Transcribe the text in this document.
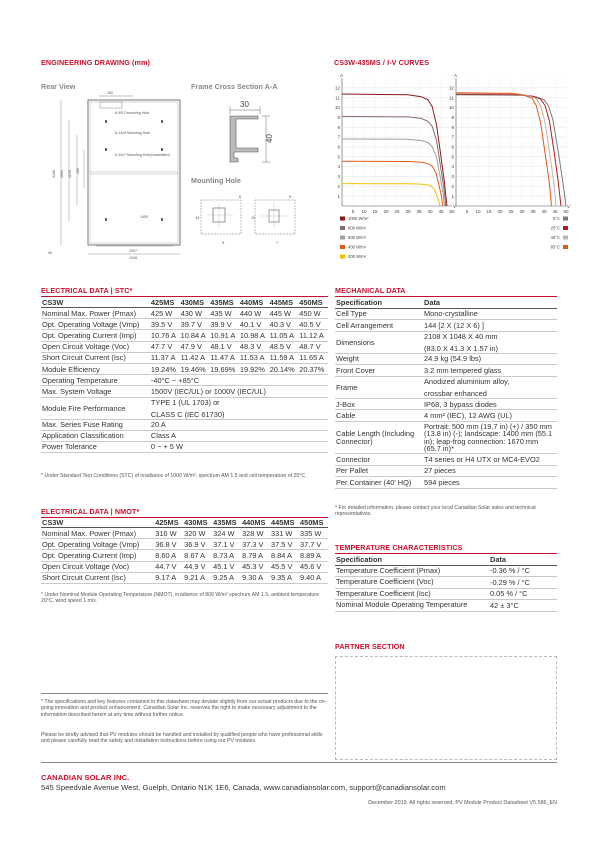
ENGINEERING DRAWING (mm)
Rear View	Frame Cross Section A-A
Mounting Hole
180
6-Φ5 Grounding Hole
8-14x9 Mounting Hole
6-10x7 Mounting Hole(Installation)
2108 1850 1155 400
1400
1007
1048
40
30
40
14
9
6
10
7
5
CS3W-435MS / I-V CURVES
A
12
11
10
9
8
7
6
5
4
3
2
1
5 10 15 20 25 30 35 40 45 50
V
1000 W/m²
800 W/m²
600 W/m²
400 W/m²
200 W/m²
A
12
11
10
9
8
7
6
5
4
3
2
1
5 10 15 20 25 30 35 40 45 50
V
5°C
25°C
45°C
65°C
ELECTRICAL DATA | STC*
CS3W	425MS	430MS	435MS	440MS	445MS	450MS
Nominal Max. Power (Pmax)	425 W	430 W	435 W	440 W	445 W	450 W
Opt. Operating Voltage (Vmp)	39.5 V	39.7 V	39.9 V	40.1 V	40.3 V	40.5 V
Opt. Operating Current (Imp)	10.76 A	10.84 A	10.91 A	10.98 A	11.05 A	11.12 A
Open Circuit Voltage (Voc)	47.7 V	47.9 V	48.1 V	48.3 V	48.5 V	48.7 V
Short Circuit Current (Isc)	11.37 A	11.42 A	11.47 A	11.53 A	11.59 A	11.65 A
Module Efficiency	19.24%	19.46%	19.69%	19.92%	20.14%	20.37%
Operating Temperature	-40°C ~ +85°C					

Max. System Voltage	1500V (IEC/UL) or 1000V (IEC/UL)					

Module Fire Performance	TYPE 1 (UL 1703) or
CLASS C (IEC 61730)					

Max. Series Fuse Rating	20 A					

Application Classification	Class A					

Power Tolerance	0 ~ + 5 W					
* Under Standard Test Conditions (STC) of irradiance of 1000 W/m², spectrum AM 1.5 and cell temperature of 25°C.
ELECTRICAL DATA | NMOT*
CS3W	425MS	430MS	435MS	440MS	445MS	450MS
Nominal Max. Power (Pmax)	316 W	320 W	324 W	328 W	331 W	335 W
Opt. Operating Voltage (Vmp)	36.8 V	36.9 V	37.1 V	37.3 V	37.5 V	37.7 V
Opt. Operating Current (Imp)	8.60 A	8.67 A	8.73 A	8.79 A	8.84 A	8.89 A
Open Circuit Voltage (Voc)	44.7 V	44.9 V	45.1 V	45.3 V	45.5 V	45.6 V
Short Circuit Current (Isc)	9.17 A	9.21 A	9.25 A	9.30 A	9.35 A	9.40 A
* Under Nominal Module Operating Temperature (NMOT), irradiance of 800 W/m² spectrum AM 1.5, ambient temperature 20°C, wind speed 1 m/s.
MECHANICAL DATA
Specification	Data
Cell Type	Mono-crystalline

Cell Arrangement	144 [2 X (12 X 6) ]

Dimensions	2108 X 1048 X 40 mm
(83.0 X 41.3 X 1.57 in)

Weight	24.9 kg (54.9 lbs)

Front Cover	3.2 mm tempered glass

Frame	Anodized aluminium alloy,
crossbar enhanced

J-Box	IP68, 3 bypass diodes

Cable	4 mm² (IEC), 12 AWG (UL)

Cable Length (Including Connector)	Portrait: 500 mm (19.7 in) (+) / 350 mm (13.8 in) (-); landscape: 1400 mm (55.1 in); leap-frog connection: 1670 mm (65.7 in)*

Connector	T4 series or H4 UTX or MC4-EVO2

Per Pallet	27 pieces

Per Container (40' HQ)	594 pieces
* For detailed information, please contact your local Canadian Solar sales and technical representatives.
TEMPERATURE CHARACTERISTICS
Specification	Data
Temperature Coefficient (Pmax)	-0.36 % / °C

Temperature Coefficient (Voc)	-0.29 % / °C

Temperature Coefficient (Isc)	0.05 % / °C

Nominal Module Operating Temperature	42 ± 3°C
PARTNER SECTION
* The specifications and key features contained in this datasheet may deviate slightly from our actual products due to the on-going innovation and product enhancement. Canadian Solar Inc. reserves the right to make necessary adjustment to the information described herein at any time without further notice.
Please be kindly advised that PV modules should be handled and installed by qualified people who have professional skills and please carefully read the safety and installation instructions before using our PV modules.
CANADIAN SOLAR INC.
545 Speedvale Avenue West, Guelph, Ontario N1K 1E6, Canada, www.canadiansolar.com, support@canadiansolar.com
December 2019. All rights reserved, PV Module Product Datasheet V5.586_EN
